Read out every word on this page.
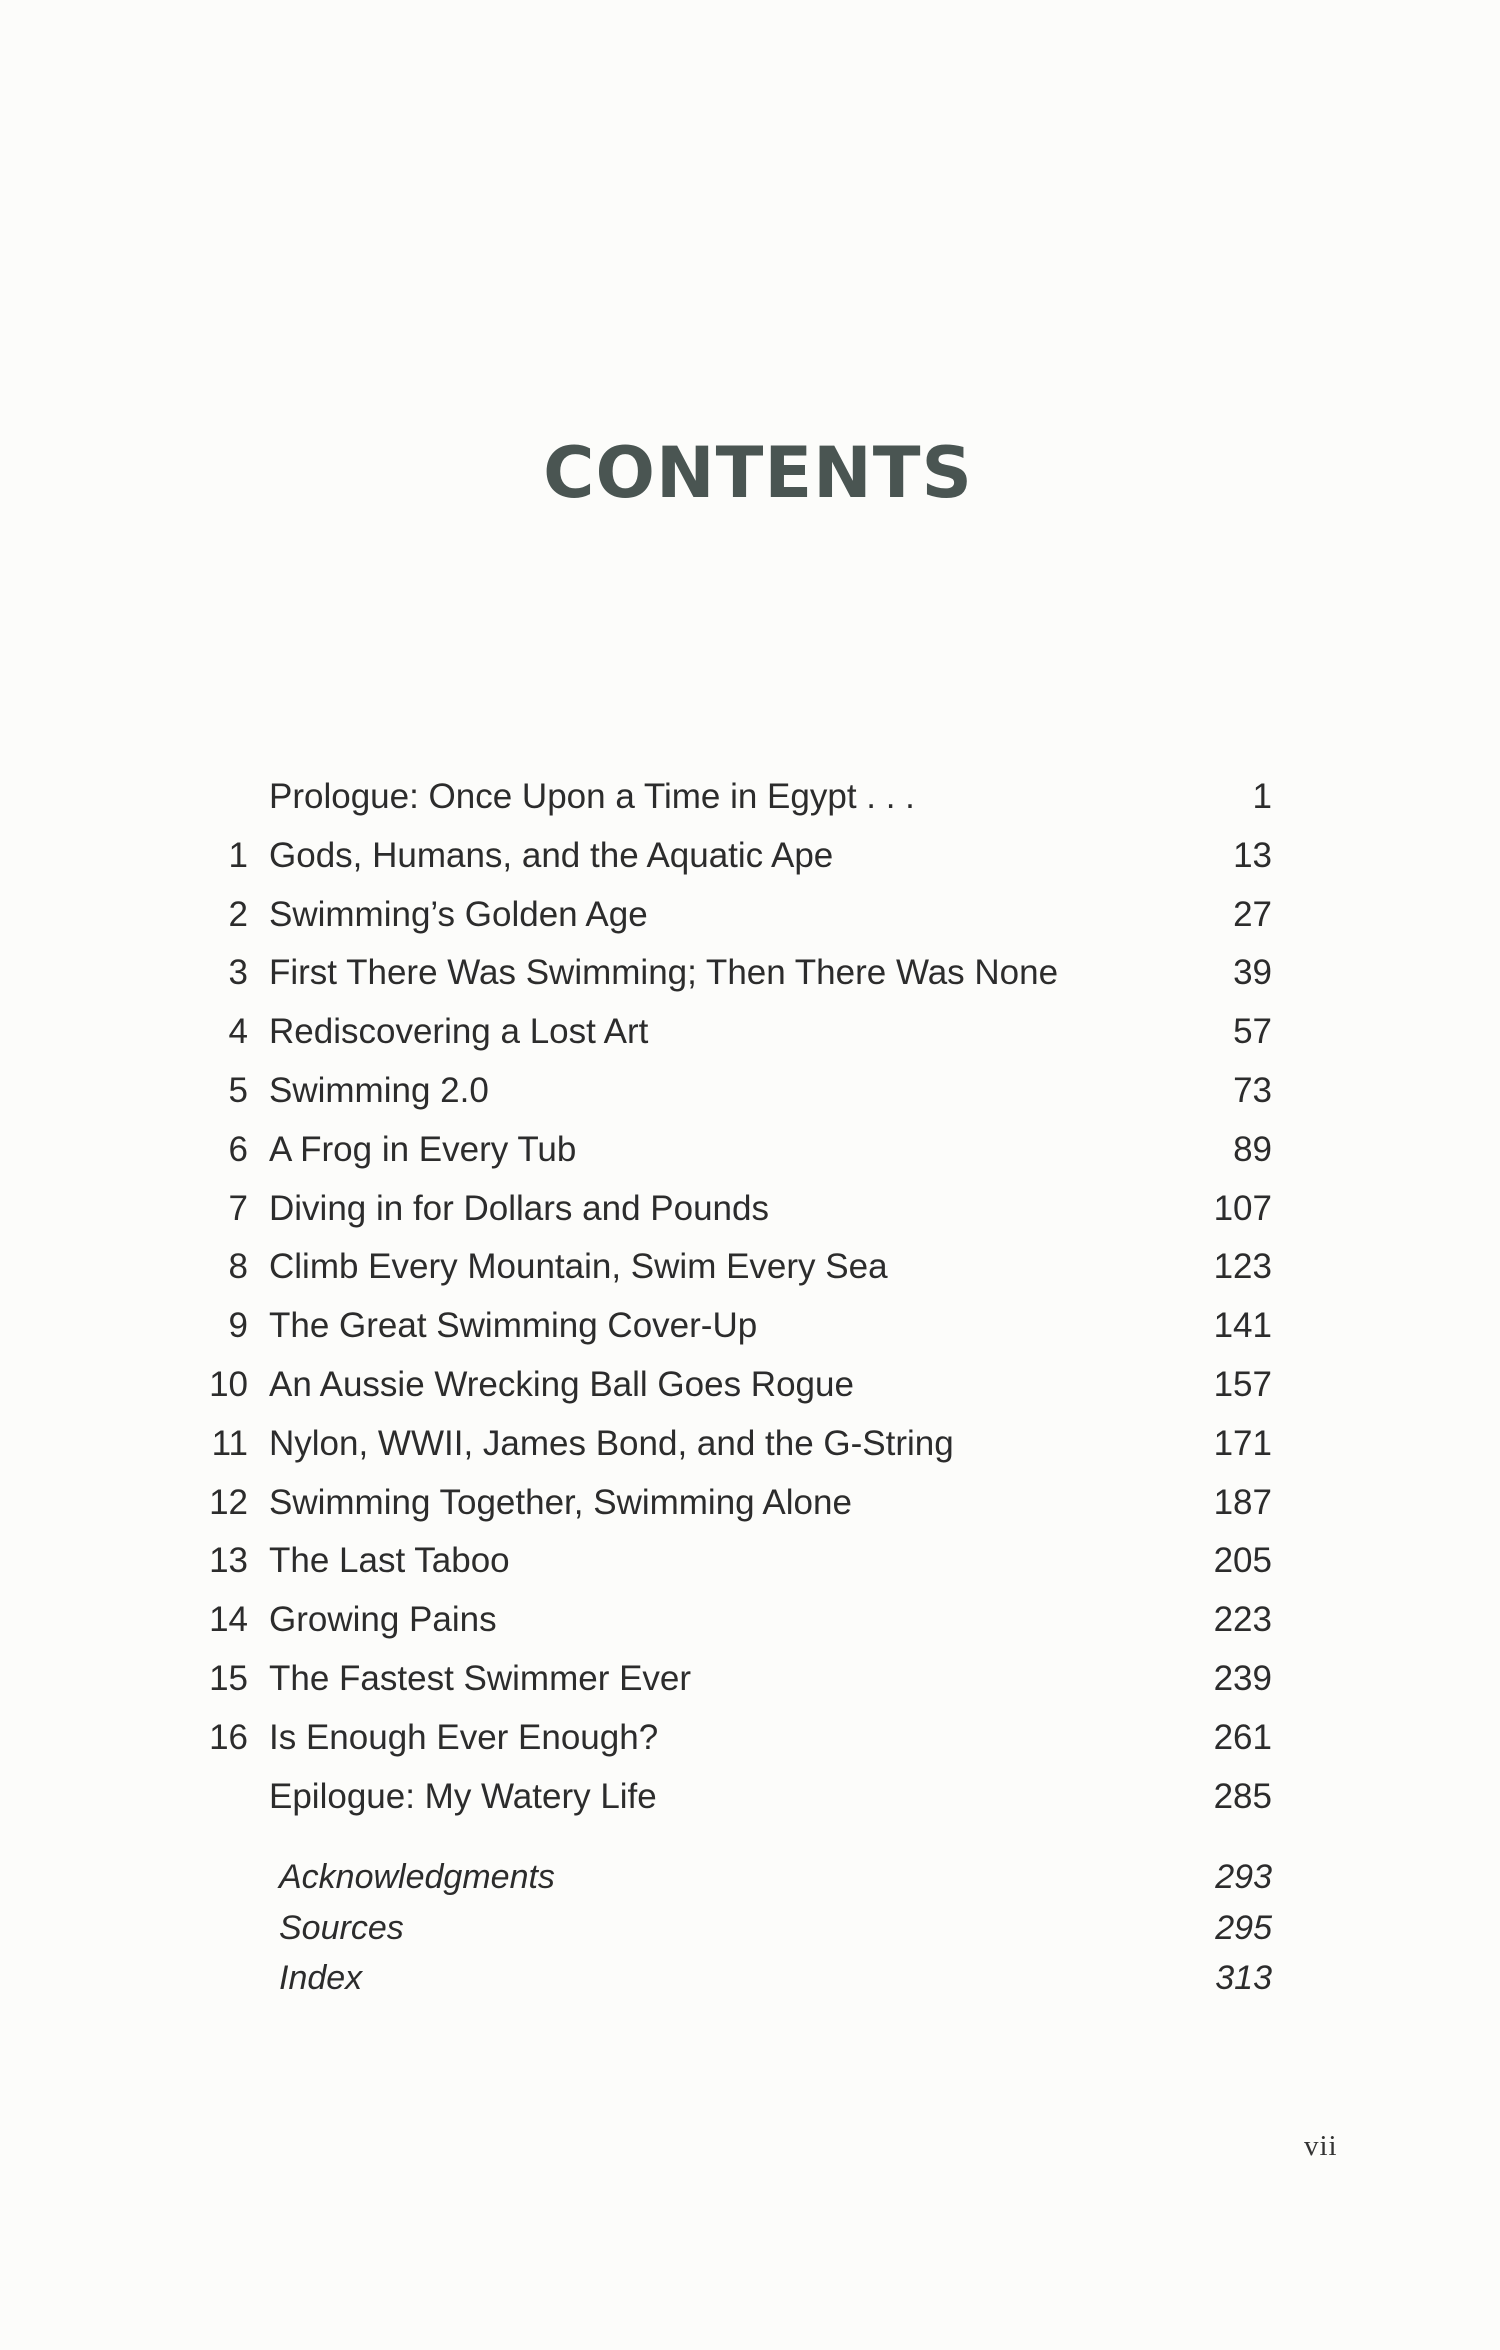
CONTENTS
Prologue: Once Upon a Time in Egypt . . .	1
1 Gods, Humans, and the Aquatic Ape	13
2 Swimming’s Golden Age	27
3 First There Was Swimming; Then There Was None	39
4 Rediscovering a Lost Art	57
5 Swimming 2.0	73
6 A Frog in Every Tub	89
7 Diving in for Dollars and Pounds	107
8 Climb Every Mountain, Swim Every Sea	123
9 The Great Swimming Cover-Up	141
10 An Aussie Wrecking Ball Goes Rogue	157
11 Nylon, WWII, James Bond, and the G-String	171
12 Swimming Together, Swimming Alone	187
13 The Last Taboo	205
14 Growing Pains	223
15 The Fastest Swimmer Ever	239
16 Is Enough Ever Enough?	261
Epilogue: My Watery Life	285
Acknowledgments	293
Sources	295
Index	313
vii
